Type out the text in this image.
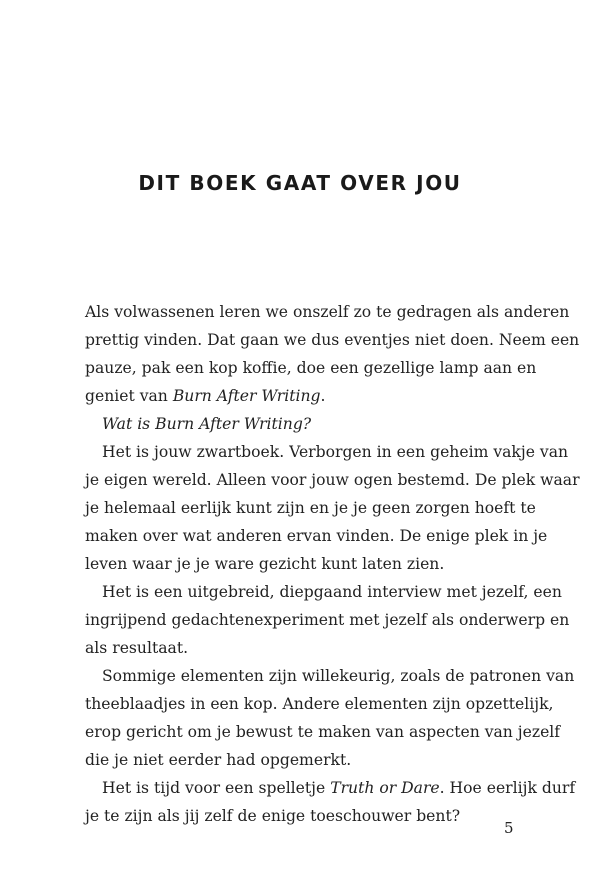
DIT BOEK GAAT OVER JOU
Als volwassenen leren we onszelf zo te gedragen als anderen
prettig vinden. Dat gaan we dus eventjes niet doen. Neem een
pauze, pak een kop koffie, doe een gezellige lamp aan en
geniet van Burn After Writing.
Wat is Burn After Writing?
Het is jouw zwartboek. Verborgen in een geheim vakje van
je eigen wereld. Alleen voor jouw ogen bestemd. De plek waar
je helemaal eerlijk kunt zijn en je je geen zorgen hoeft te
maken over wat anderen ervan vinden. De enige plek in je
leven waar je je ware gezicht kunt laten zien.
Het is een uitgebreid, diepgaand interview met jezelf, een
ingrijpend gedachtenexperiment met jezelf als onderwerp en
als resultaat.
Sommige elementen zijn willekeurig, zoals de patronen van
theeblaadjes in een kop. Andere elementen zijn opzettelijk,
erop gericht om je bewust te maken van aspecten van jezelf
die je niet eerder had opgemerkt.
Het is tijd voor een spelletje Truth or Dare. Hoe eerlijk durf
je te zijn als jij zelf de enige toeschouwer bent?
5
